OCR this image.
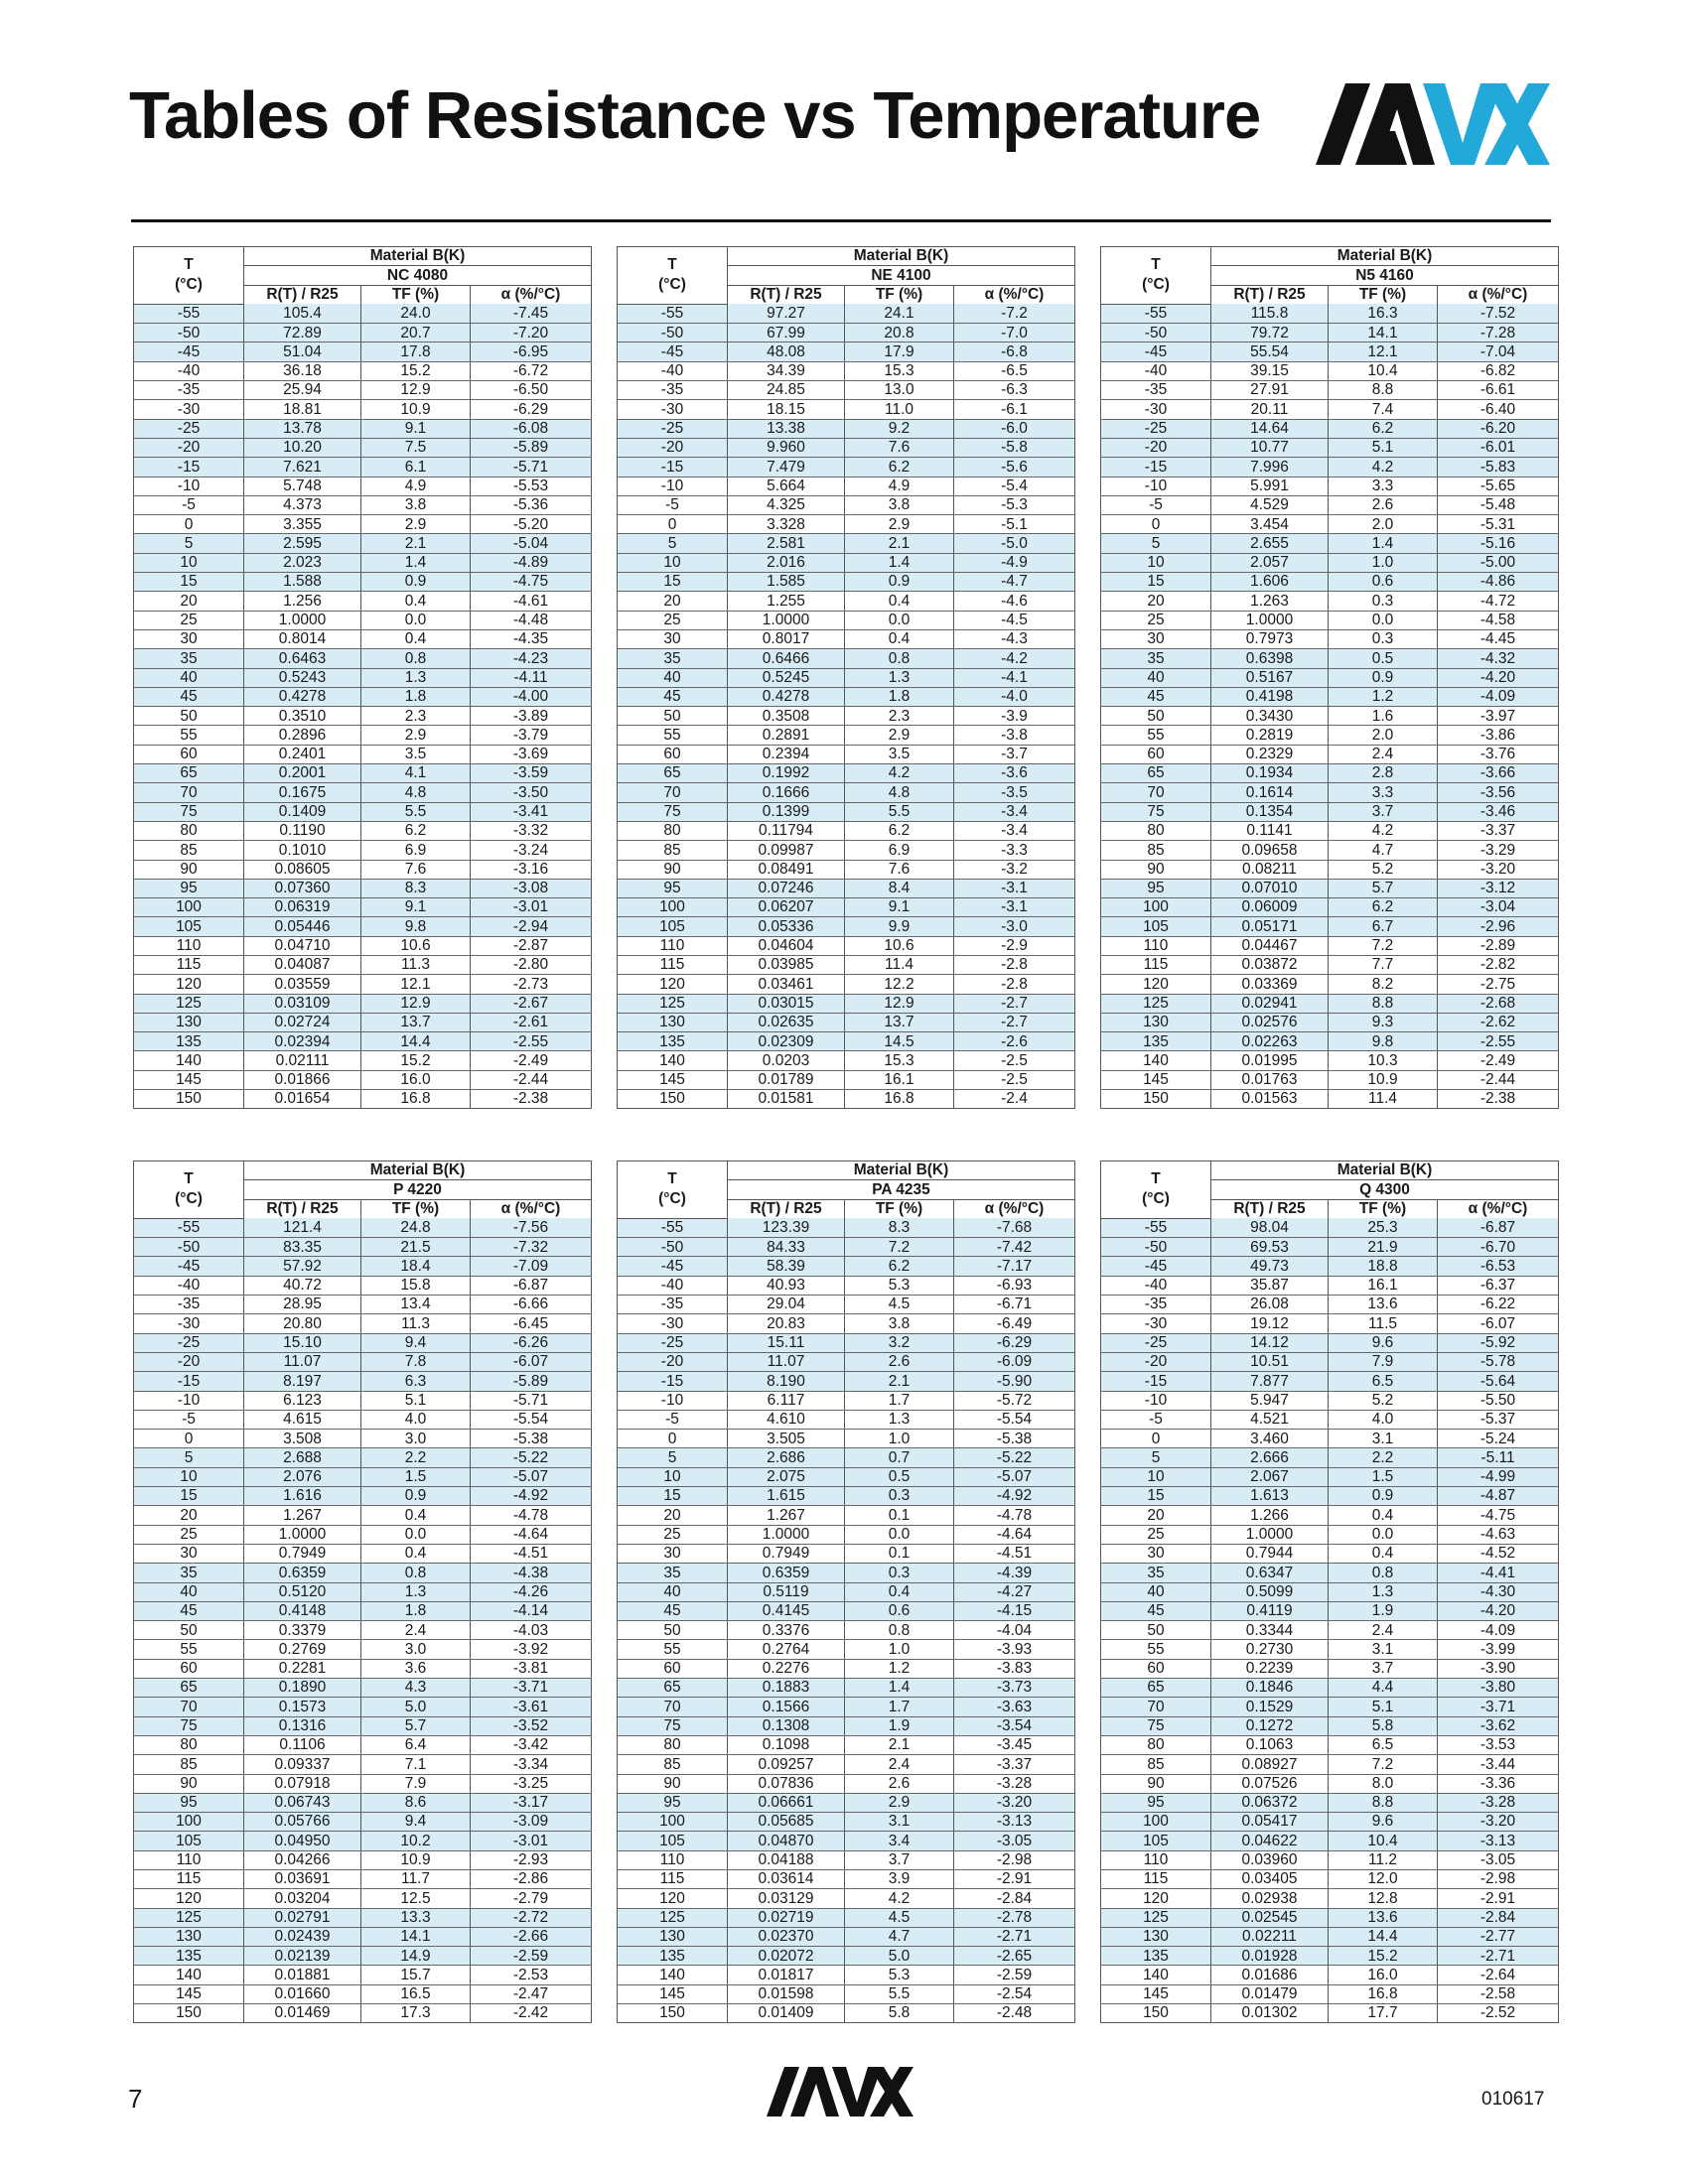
Tables of Resistance vs Temperature
T
(°C)	Material B(K)		
	NC 4080		
	R(T) / R25	TF (%)	α (%/°C)
-55	105.4	24.0	-7.45
-50	72.89	20.7	-7.20
-45	51.04	17.8	-6.95
-40	36.18	15.2	-6.72
-35	25.94	12.9	-6.50
-30	18.81	10.9	-6.29
-25	13.78	9.1	-6.08
-20	10.20	7.5	-5.89
-15	7.621	6.1	-5.71
-10	5.748	4.9	-5.53
-5	4.373	3.8	-5.36
0	3.355	2.9	-5.20
5	2.595	2.1	-5.04
10	2.023	1.4	-4.89
15	1.588	0.9	-4.75
20	1.256	0.4	-4.61
25	1.0000	0.0	-4.48
30	0.8014	0.4	-4.35
35	0.6463	0.8	-4.23
40	0.5243	1.3	-4.11
45	0.4278	1.8	-4.00
50	0.3510	2.3	-3.89
55	0.2896	2.9	-3.79
60	0.2401	3.5	-3.69
65	0.2001	4.1	-3.59
70	0.1675	4.8	-3.50
75	0.1409	5.5	-3.41
80	0.1190	6.2	-3.32
85	0.1010	6.9	-3.24
90	0.08605	7.6	-3.16
95	0.07360	8.3	-3.08
100	0.06319	9.1	-3.01
105	0.05446	9.8	-2.94
110	0.04710	10.6	-2.87
115	0.04087	11.3	-2.80
120	0.03559	12.1	-2.73
125	0.03109	12.9	-2.67
130	0.02724	13.7	-2.61
135	0.02394	14.4	-2.55
140	0.02111	15.2	-2.49
145	0.01866	16.0	-2.44
150	0.01654	16.8	-2.38
T
(°C)	Material B(K)		
	NE 4100		
	R(T) / R25	TF (%)	α (%/°C)
-55	97.27	24.1	-7.2
-50	67.99	20.8	-7.0
-45	48.08	17.9	-6.8
-40	34.39	15.3	-6.5
-35	24.85	13.0	-6.3
-30	18.15	11.0	-6.1
-25	13.38	9.2	-6.0
-20	9.960	7.6	-5.8
-15	7.479	6.2	-5.6
-10	5.664	4.9	-5.4
-5	4.325	3.8	-5.3
0	3.328	2.9	-5.1
5	2.581	2.1	-5.0
10	2.016	1.4	-4.9
15	1.585	0.9	-4.7
20	1.255	0.4	-4.6
25	1.0000	0.0	-4.5
30	0.8017	0.4	-4.3
35	0.6466	0.8	-4.2
40	0.5245	1.3	-4.1
45	0.4278	1.8	-4.0
50	0.3508	2.3	-3.9
55	0.2891	2.9	-3.8
60	0.2394	3.5	-3.7
65	0.1992	4.2	-3.6
70	0.1666	4.8	-3.5
75	0.1399	5.5	-3.4
80	0.11794	6.2	-3.4
85	0.09987	6.9	-3.3
90	0.08491	7.6	-3.2
95	0.07246	8.4	-3.1
100	0.06207	9.1	-3.1
105	0.05336	9.9	-3.0
110	0.04604	10.6	-2.9
115	0.03985	11.4	-2.8
120	0.03461	12.2	-2.8
125	0.03015	12.9	-2.7
130	0.02635	13.7	-2.7
135	0.02309	14.5	-2.6
140	0.0203	15.3	-2.5
145	0.01789	16.1	-2.5
150	0.01581	16.8	-2.4
T
(°C)	Material B(K)		
	N5 4160		
	R(T) / R25	TF (%)	α (%/°C)
-55	115.8	16.3	-7.52
-50	79.72	14.1	-7.28
-45	55.54	12.1	-7.04
-40	39.15	10.4	-6.82
-35	27.91	8.8	-6.61
-30	20.11	7.4	-6.40
-25	14.64	6.2	-6.20
-20	10.77	5.1	-6.01
-15	7.996	4.2	-5.83
-10	5.991	3.3	-5.65
-5	4.529	2.6	-5.48
0	3.454	2.0	-5.31
5	2.655	1.4	-5.16
10	2.057	1.0	-5.00
15	1.606	0.6	-4.86
20	1.263	0.3	-4.72
25	1.0000	0.0	-4.58
30	0.7973	0.3	-4.45
35	0.6398	0.5	-4.32
40	0.5167	0.9	-4.20
45	0.4198	1.2	-4.09
50	0.3430	1.6	-3.97
55	0.2819	2.0	-3.86
60	0.2329	2.4	-3.76
65	0.1934	2.8	-3.66
70	0.1614	3.3	-3.56
75	0.1354	3.7	-3.46
80	0.1141	4.2	-3.37
85	0.09658	4.7	-3.29
90	0.08211	5.2	-3.20
95	0.07010	5.7	-3.12
100	0.06009	6.2	-3.04
105	0.05171	6.7	-2.96
110	0.04467	7.2	-2.89
115	0.03872	7.7	-2.82
120	0.03369	8.2	-2.75
125	0.02941	8.8	-2.68
130	0.02576	9.3	-2.62
135	0.02263	9.8	-2.55
140	0.01995	10.3	-2.49
145	0.01763	10.9	-2.44
150	0.01563	11.4	-2.38
T
(°C)	Material B(K)		
	P 4220		
	R(T) / R25	TF (%)	α (%/°C)
-55	121.4	24.8	-7.56
-50	83.35	21.5	-7.32
-45	57.92	18.4	-7.09
-40	40.72	15.8	-6.87
-35	28.95	13.4	-6.66
-30	20.80	11.3	-6.45
-25	15.10	9.4	-6.26
-20	11.07	7.8	-6.07
-15	8.197	6.3	-5.89
-10	6.123	5.1	-5.71
-5	4.615	4.0	-5.54
0	3.508	3.0	-5.38
5	2.688	2.2	-5.22
10	2.076	1.5	-5.07
15	1.616	0.9	-4.92
20	1.267	0.4	-4.78
25	1.0000	0.0	-4.64
30	0.7949	0.4	-4.51
35	0.6359	0.8	-4.38
40	0.5120	1.3	-4.26
45	0.4148	1.8	-4.14
50	0.3379	2.4	-4.03
55	0.2769	3.0	-3.92
60	0.2281	3.6	-3.81
65	0.1890	4.3	-3.71
70	0.1573	5.0	-3.61
75	0.1316	5.7	-3.52
80	0.1106	6.4	-3.42
85	0.09337	7.1	-3.34
90	0.07918	7.9	-3.25
95	0.06743	8.6	-3.17
100	0.05766	9.4	-3.09
105	0.04950	10.2	-3.01
110	0.04266	10.9	-2.93
115	0.03691	11.7	-2.86
120	0.03204	12.5	-2.79
125	0.02791	13.3	-2.72
130	0.02439	14.1	-2.66
135	0.02139	14.9	-2.59
140	0.01881	15.7	-2.53
145	0.01660	16.5	-2.47
150	0.01469	17.3	-2.42
T
(°C)	Material B(K)		
	PA 4235		
	R(T) / R25	TF (%)	α (%/°C)
-55	123.39	8.3	-7.68
-50	84.33	7.2	-7.42
-45	58.39	6.2	-7.17
-40	40.93	5.3	-6.93
-35	29.04	4.5	-6.71
-30	20.83	3.8	-6.49
-25	15.11	3.2	-6.29
-20	11.07	2.6	-6.09
-15	8.190	2.1	-5.90
-10	6.117	1.7	-5.72
-5	4.610	1.3	-5.54
0	3.505	1.0	-5.38
5	2.686	0.7	-5.22
10	2.075	0.5	-5.07
15	1.615	0.3	-4.92
20	1.267	0.1	-4.78
25	1.0000	0.0	-4.64
30	0.7949	0.1	-4.51
35	0.6359	0.3	-4.39
40	0.5119	0.4	-4.27
45	0.4145	0.6	-4.15
50	0.3376	0.8	-4.04
55	0.2764	1.0	-3.93
60	0.2276	1.2	-3.83
65	0.1883	1.4	-3.73
70	0.1566	1.7	-3.63
75	0.1308	1.9	-3.54
80	0.1098	2.1	-3.45
85	0.09257	2.4	-3.37
90	0.07836	2.6	-3.28
95	0.06661	2.9	-3.20
100	0.05685	3.1	-3.13
105	0.04870	3.4	-3.05
110	0.04188	3.7	-2.98
115	0.03614	3.9	-2.91
120	0.03129	4.2	-2.84
125	0.02719	4.5	-2.78
130	0.02370	4.7	-2.71
135	0.02072	5.0	-2.65
140	0.01817	5.3	-2.59
145	0.01598	5.5	-2.54
150	0.01409	5.8	-2.48
T
(°C)	Material B(K)		
	Q 4300		
	R(T) / R25	TF (%)	α (%/°C)
-55	98.04	25.3	-6.87
-50	69.53	21.9	-6.70
-45	49.73	18.8	-6.53
-40	35.87	16.1	-6.37
-35	26.08	13.6	-6.22
-30	19.12	11.5	-6.07
-25	14.12	9.6	-5.92
-20	10.51	7.9	-5.78
-15	7.877	6.5	-5.64
-10	5.947	5.2	-5.50
-5	4.521	4.0	-5.37
0	3.460	3.1	-5.24
5	2.666	2.2	-5.11
10	2.067	1.5	-4.99
15	1.613	0.9	-4.87
20	1.266	0.4	-4.75
25	1.0000	0.0	-4.63
30	0.7944	0.4	-4.52
35	0.6347	0.8	-4.41
40	0.5099	1.3	-4.30
45	0.4119	1.9	-4.20
50	0.3344	2.4	-4.09
55	0.2730	3.1	-3.99
60	0.2239	3.7	-3.90
65	0.1846	4.4	-3.80
70	0.1529	5.1	-3.71
75	0.1272	5.8	-3.62
80	0.1063	6.5	-3.53
85	0.08927	7.2	-3.44
90	0.07526	8.0	-3.36
95	0.06372	8.8	-3.28
100	0.05417	9.6	-3.20
105	0.04622	10.4	-3.13
110	0.03960	11.2	-3.05
115	0.03405	12.0	-2.98
120	0.02938	12.8	-2.91
125	0.02545	13.6	-2.84
130	0.02211	14.4	-2.77
135	0.01928	15.2	-2.71
140	0.01686	16.0	-2.64
145	0.01479	16.8	-2.58
150	0.01302	17.7	-2.52
7	010617
